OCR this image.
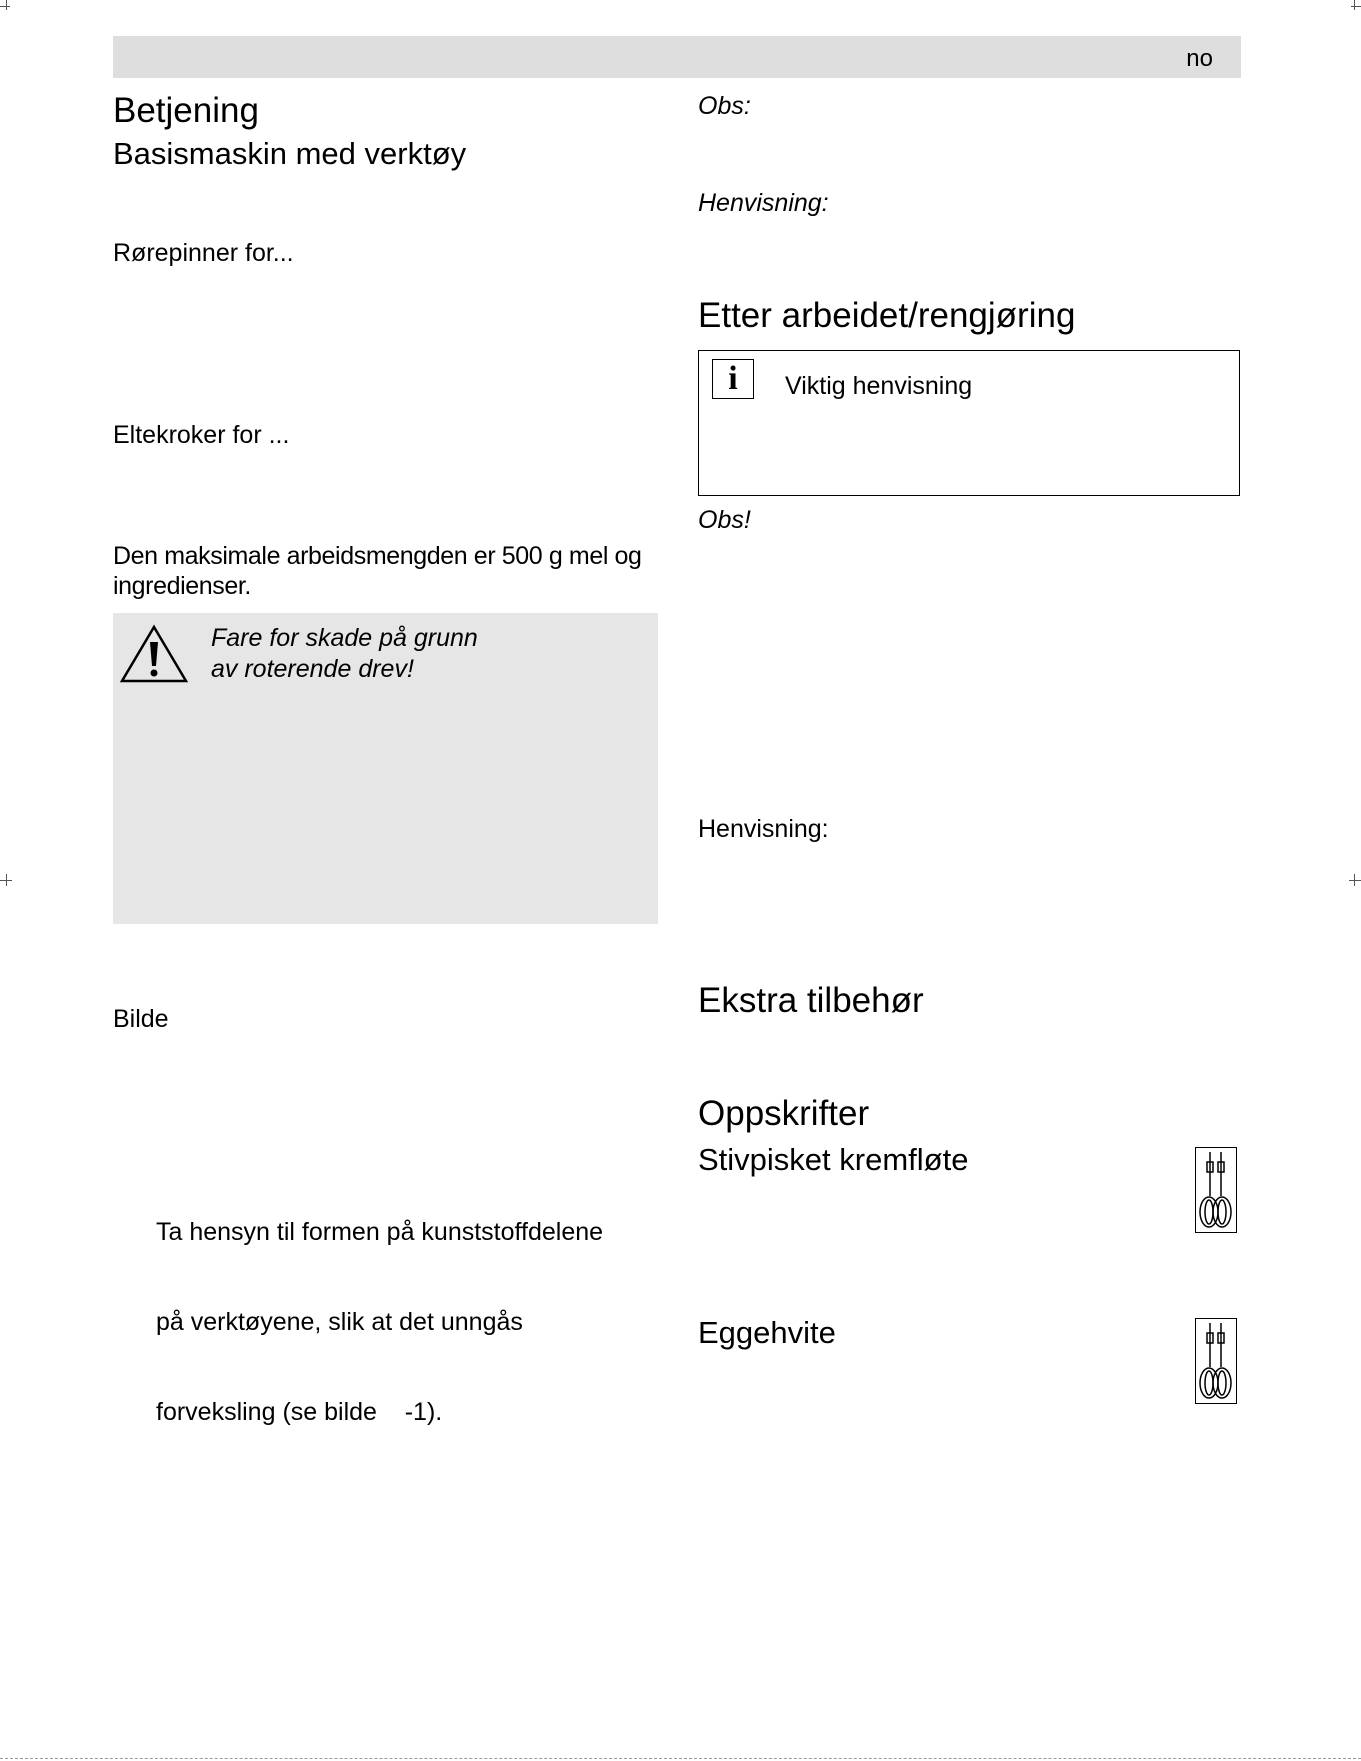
no
Betjening
Basismaskin med verktøy
Rørepinner for...
Eltekroker for ...
Den maksimale arbeidsmengden er 500 g mel og ingredienser.
Fare for skade på grunn
av roterende drev!
Bilde

Ta hensyn til formen på kunststoffdelene

på verktøyene, slik at det unngås

forveksling (se bilde    -1).

Obs:
Henvisning:
Etter arbeidet/rengjøring
i	Viktig henvisning
Obs!
Henvisning:
Ekstra tilbehør
Oppskrifter
Stivpisket kremfløte
Eggehvite
